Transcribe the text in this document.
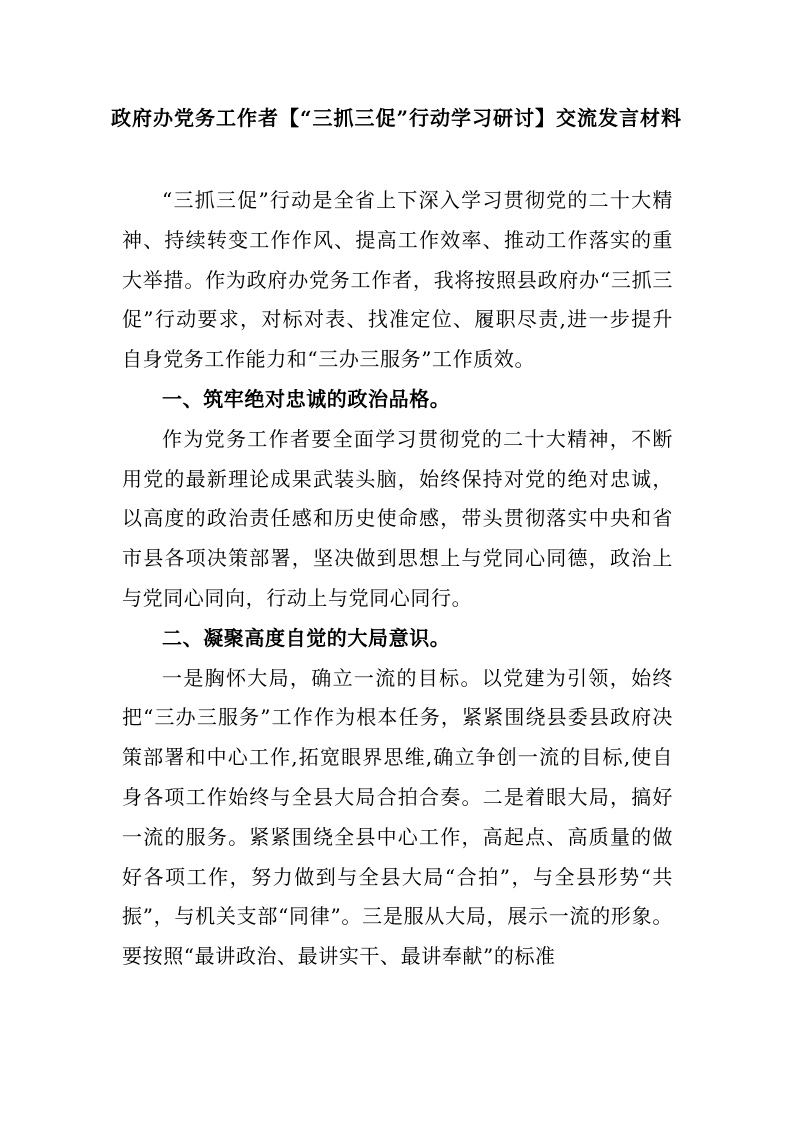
政府办党务工作者【“三抓三促”行动学习研讨】交流发言材料

“三抓三促”行动是全省上下深入学习贯彻党的二十大精神、持续转变工作作风、提高工作效率、推动工作落实的重大举措。作为政府办党务工作者，我将按照县政府办“三抓三促”行动要求，对标对表、找准定位、履职尽责,进一步提升自身党务工作能力和“三办三服务”工作质效。

一、筑牢绝对忠诚的政治品格。

作为党务工作者要全面学习贯彻党的二十大精神，不断用党的最新理论成果武装头脑，始终保持对党的绝对忠诚，以高度的政治责任感和历史使命感，带头贯彻落实中央和省市县各项决策部署，坚决做到思想上与党同心同德，政治上与党同心同向，行动上与党同心同行。

二、凝聚高度自觉的大局意识。

一是胸怀大局，确立一流的目标。以党建为引领，始终把“三办三服务”工作作为根本任务，紧紧围绕县委县政府决策部署和中心工作,拓宽眼界思维,确立争创一流的目标,使自身各项工作始终与全县大局合拍合奏。二是着眼大局，搞好一流的服务。紧紧围绕全县中心工作，高起点、高质量的做好各项工作，努力做到与全县大局“合拍”，与全县形势“共振”，与机关支部“同律”。三是服从大局，展示一流的形象。要按照“最讲政治、最讲实干、最讲奉献”的标准
